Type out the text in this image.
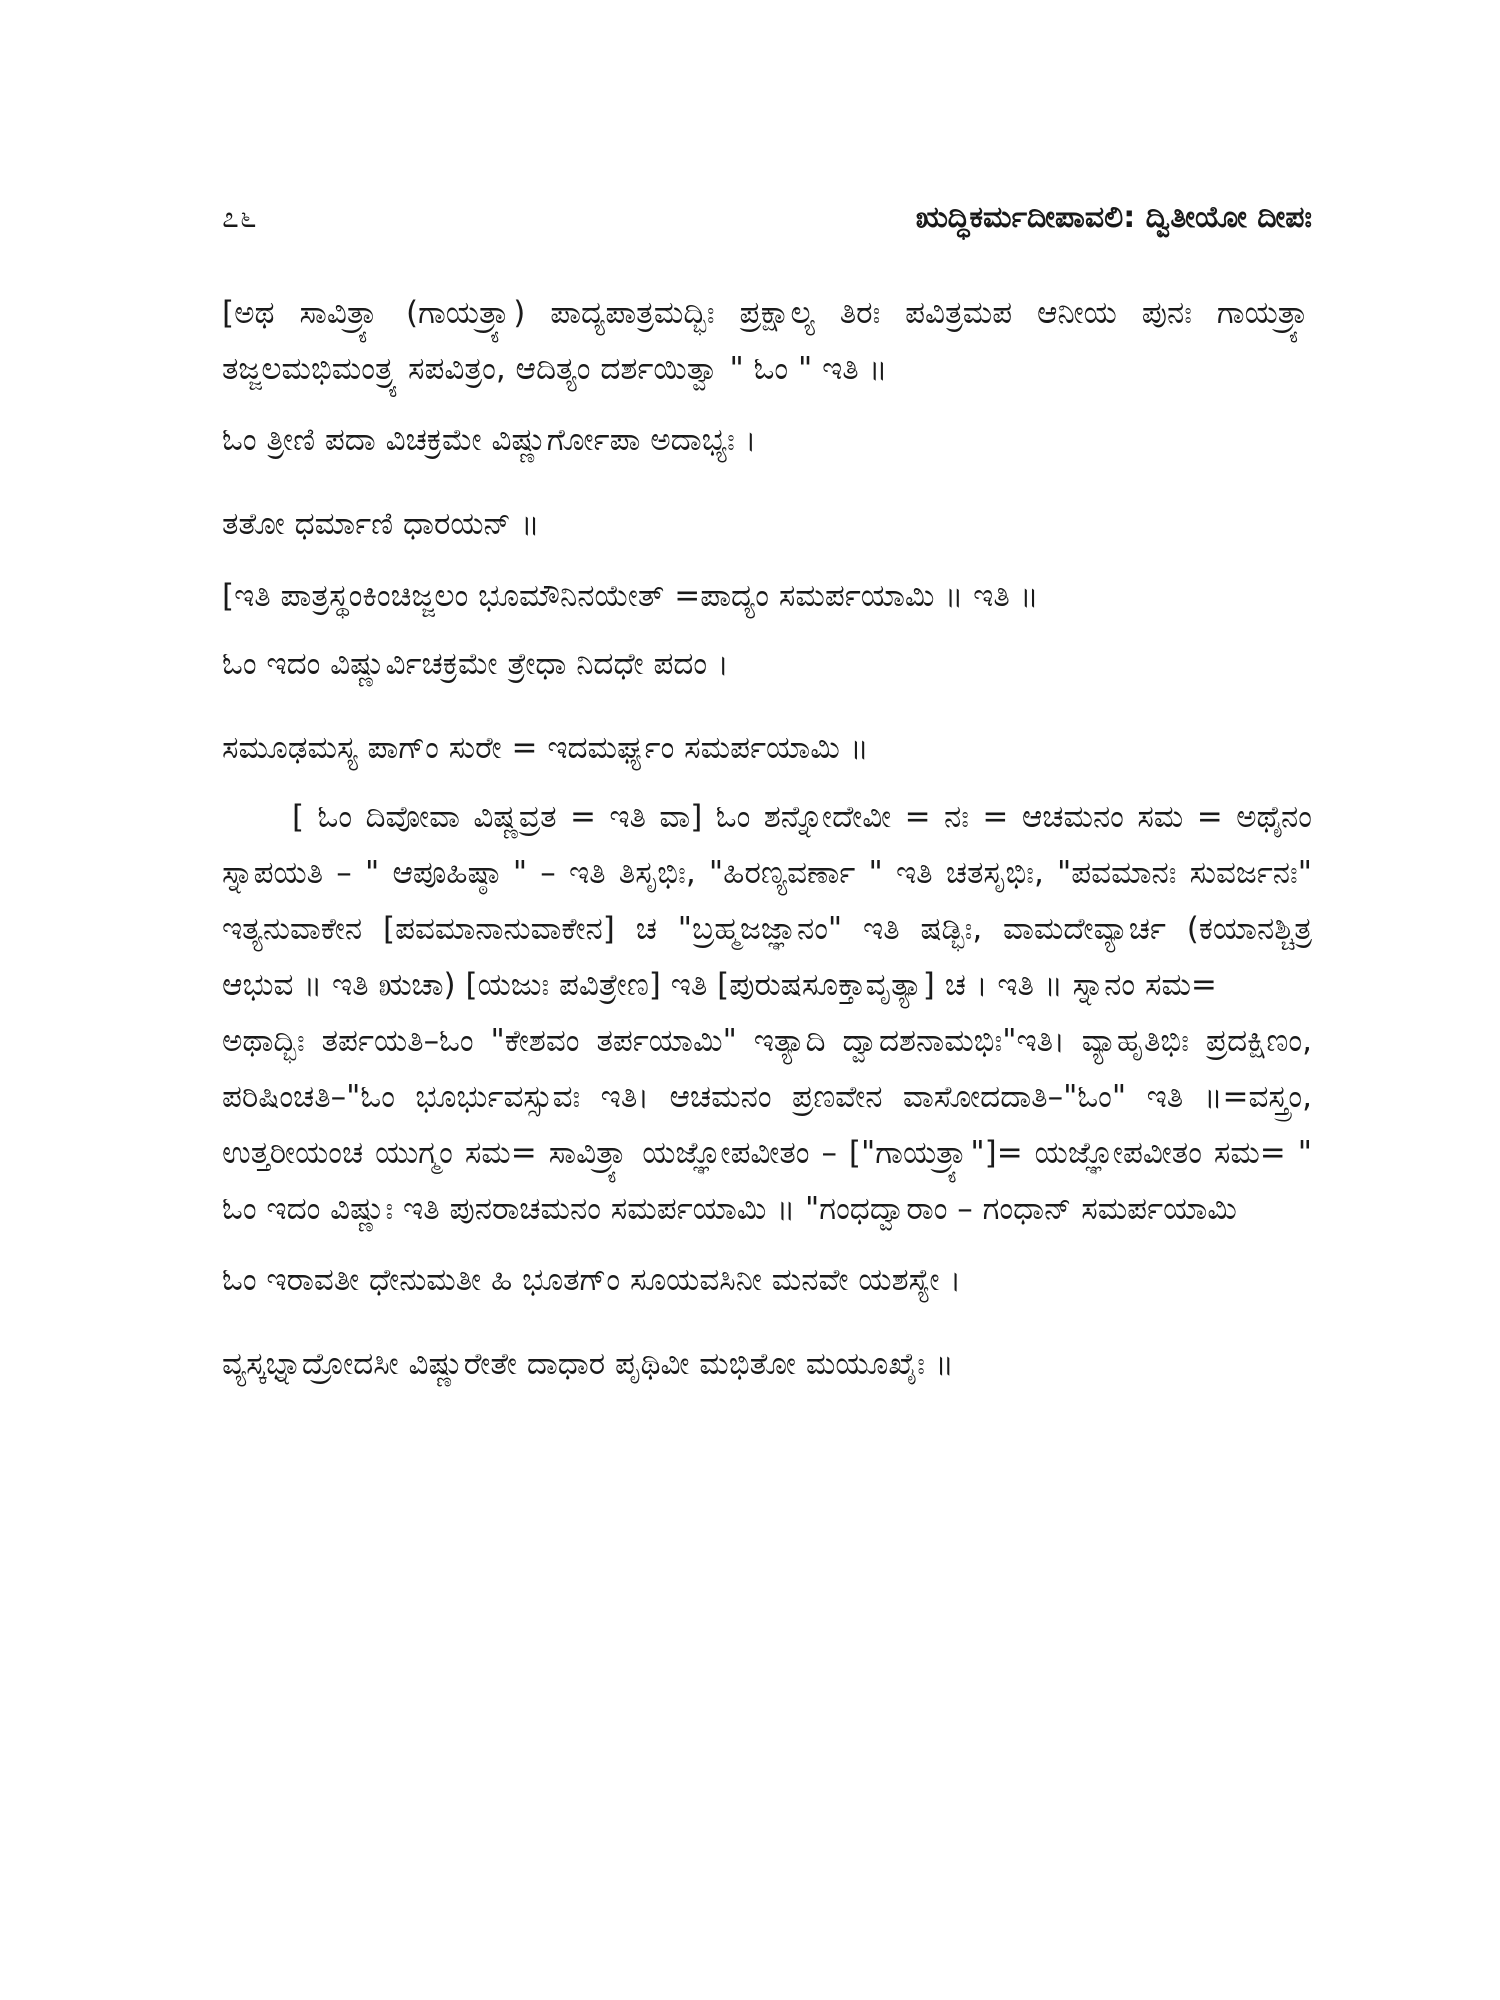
೭೬	ಋದ್ಧಿಕರ್ಮದೀಪಾವಲಿ: ದ್ವಿತೀಯೋ ದೀಪಃ

[ಅಥ ಸಾವಿತ್ರ್ಯಾ (ಗಾಯತ್ರ್ಯಾ) ಪಾದ್ಯಪಾತ್ರಮದ್ಭಿಃ ಪ್ರಕ್ಷಾಲ್ಯ ತಿರಃ ಪವಿತ್ರಮಪ ಆನೀಯ ಪುನಃ ಗಾಯತ್ರ್ಯಾ ತಜ್ಜಲಮಭಿಮಂತ್ರ್ಯ ಸಪವಿತ್ರಂ, ಆದಿತ್ಯಂ ದರ್ಶಯಿತ್ವಾ " ಓಂ " ಇತಿ ॥

ಓಂ ತ್ರೀಣಿ ಪದಾ ವಿಚಕ್ರಮೇ ವಿಷ್ಣುರ್ಗೋಪಾ ಅದಾಭ್ಯಃ ।

ತತೋ ಧರ್ಮಾಣಿ ಧಾರಯನ್ ॥

[ಇತಿ ಪಾತ್ರಸ್ಥಂಕಿಂಚಿಜ್ಜಲಂ ಭೂಮೌನಿನಯೇತ್ =ಪಾದ್ಯಂ ಸಮರ್ಪಯಾಮಿ ॥ ಇತಿ ॥

ಓಂ ಇದಂ ವಿಷ್ಣುರ್ವಿಚಕ್ರಮೇ ತ್ರೇಧಾ ನಿದಧೇ ಪದಂ ।

ಸಮೂಢಮಸ್ಯ ಪಾಗ್ಂ ಸುರೇ = ಇದಮರ್ಘ್ಯಂ ಸಮರ್ಪಯಾಮಿ ॥

[ ಓಂ ದಿವೋವಾ ವಿಷ್ಣವ್ರತ = ಇತಿ ವಾ] ಓಂ ಶನ್ನೋದೇವೀ = ನಃ = ಆಚಮನಂ ಸಮ = ಅಥೈನಂ ಸ್ನಾಪಯತಿ – " ಆಪೂಹಿಷ್ಠಾ " – ಇತಿ ತಿಸೃಭಿಃ, "ಹಿರಣ್ಯವರ್ಣಾ " ಇತಿ ಚತಸೃಭಿಃ, "ಪವಮಾನಃ ಸುವರ್ಜನಃ" ಇತ್ಯನುವಾಕೇನ [ಪವಮಾನಾನುವಾಕೇನ] ಚ "ಬ್ರಹ್ಮಜಜ್ಞಾನಂ" ಇತಿ ಷಡ್ಭಿಃ, ವಾಮದೇವ್ಯಾರ್ಚ (ಕಯಾನಶ್ಚಿತ್ರ ಆಭುವ ॥ ಇತಿ ಋಚಾ) [ಯಜುಃ ಪವಿತ್ರೇಣ] ಇತಿ [ಪುರುಷಸೂಕ್ತಾವೃತ್ಯಾ] ಚ । ಇತಿ ॥ ಸ್ನಾನಂ ಸಮ=

ಅಥಾದ್ಭಿಃ ತರ್ಪಯತಿ–ಓಂ "ಕೇಶವಂ ತರ್ಪಯಾಮಿ" ಇತ್ಯಾದಿ ದ್ವಾದಶನಾಮಭಿಃ"ಇತಿ। ವ್ಯಾಹೃತಿಭಿಃ ಪ್ರದಕ್ಷಿಣಂ, ಪರಿಷಿಂಚತಿ–"ಓಂ ಭೂರ್ಭುವಸ್ಸುವಃ ಇತಿ। ಆಚಮನಂ ಪ್ರಣವೇನ ವಾಸೋದದಾತಿ–"ಓಂ" ಇತಿ ॥=ವಸ್ತ್ರಂ, ಉತ್ತರೀಯಂಚ ಯುಗ್ಮಂ ಸಮ= ಸಾವಿತ್ರ್ಯಾ ಯಜ್ಞೋಪವೀತಂ – ["ಗಾಯತ್ರ್ಯಾ"]= ಯಜ್ಞೋಪವೀತಂ ಸಮ= " ಓಂ ಇದಂ ವಿಷ್ಣುಃ ಇತಿ ಪುನರಾಚಮನಂ ಸಮರ್ಪಯಾಮಿ ॥ "ಗಂಧದ್ವಾರಾಂ – ಗಂಧಾನ್ ಸಮರ್ಪಯಾಮಿ

ಓಂ ಇರಾವತೀ ಧೇನುಮತೀ ಹಿ ಭೂತಗ್ಂ ಸೂಯವಸಿನೀ ಮನವೇ ಯಶಸ್ಯೇ ।

ವ್ಯಸ್ಕಭ್ನಾದ್ರೋದಸೀ ವಿಷ್ಣುರೇತೇ ದಾಧಾರ ಪೃಥಿವೀ ಮಭಿತೋ ಮಯೂಖೈಃ ॥
